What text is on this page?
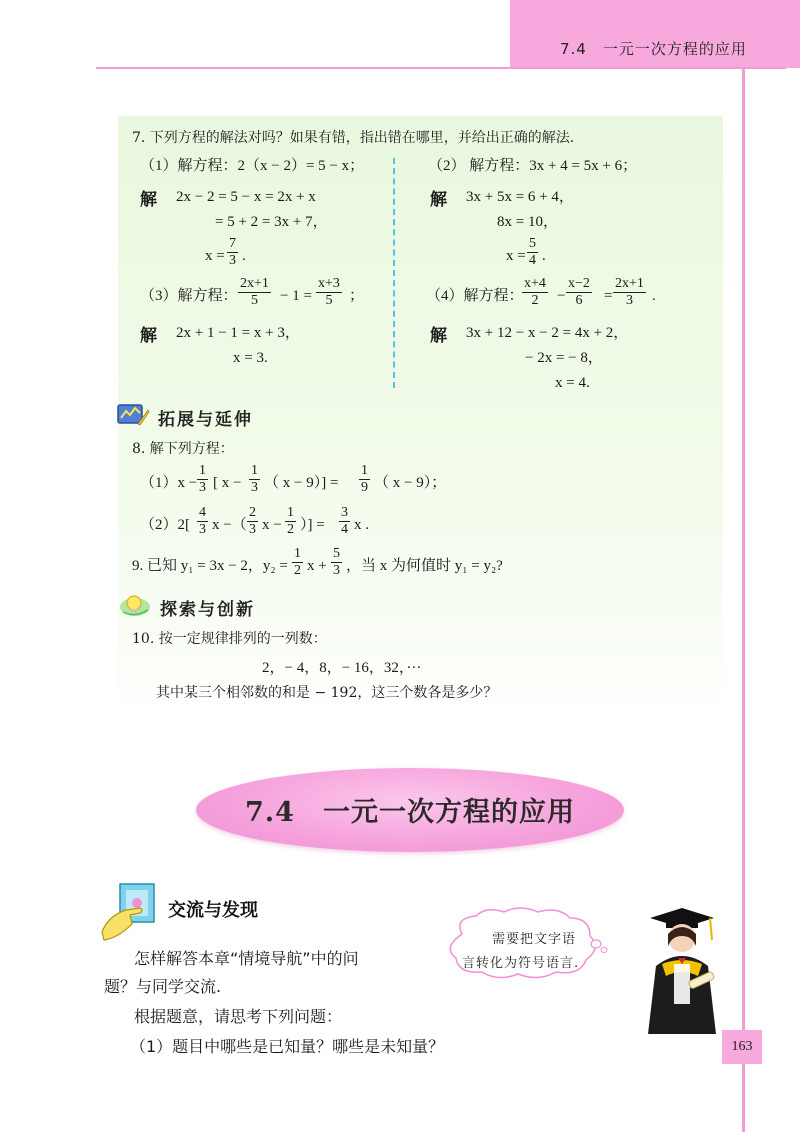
7.4　一元一次方程的应用
7. 下列方程的解法对吗？如果有错，指出错在哪里，并给出正确的解法.
（1）解方程：2（x − 2）= 5 − x；
解 2x − 2 = 5 − x = 2x + x
= 5 + 2 = 3x + 7，
$x = \frac{7}{3}$ .
（2） 解方程：3x + 4 = 5x + 6；
解 3x + 5x = 6 + 4，
8x = 10，
$x = \frac{5}{4}$ .
（3）解方程： $\frac{2x+1}{5} - 1 = \frac{x+3}{5}$ ；
解 2x + 1 − 1 = x + 3，
x = 3.
（4）解方程：
$\frac{x+4}{2} - \frac{x-2}{6} = \frac{2x+1}{3}$ .
解 3x + 12 − x − 2 = 4x + 2，
− 2x = − 8，
x = 4.
拓展与延伸
8. 解下列方程：
$(1)x - \frac{1}{3}$ [ $x - \frac{1}{3}$ （ $x - 9)] = \frac{1}{9}$ （ x − 9）；
$(2)2[ \frac{4}{3}$ x −（ $\frac{2}{3}$ $x - \frac{1}{2}$ ）] = $\frac{3}{4}$ x .
9. 已知 y₁ = 3x − 2，$y_2 = \frac{1}{2}$ $x + \frac{5}{3}$ ，当 x 为何值时 y₁ = y₂?
探索与创新
10. 按一定规律排列的一列数：
2，− 4，8，− 16，32，···
其中某三个相邻数的和是 − 192，这三个数各是多少？
7.4　一元一次方程的应用
交流与发现
怎样解答本章“情境导航”中的问
题？与同学交流.
根据题意，请思考下列问题：
（1）题目中哪些是已知量？哪些是未知量？
需要把文字语
言转化为符号语言.
163
